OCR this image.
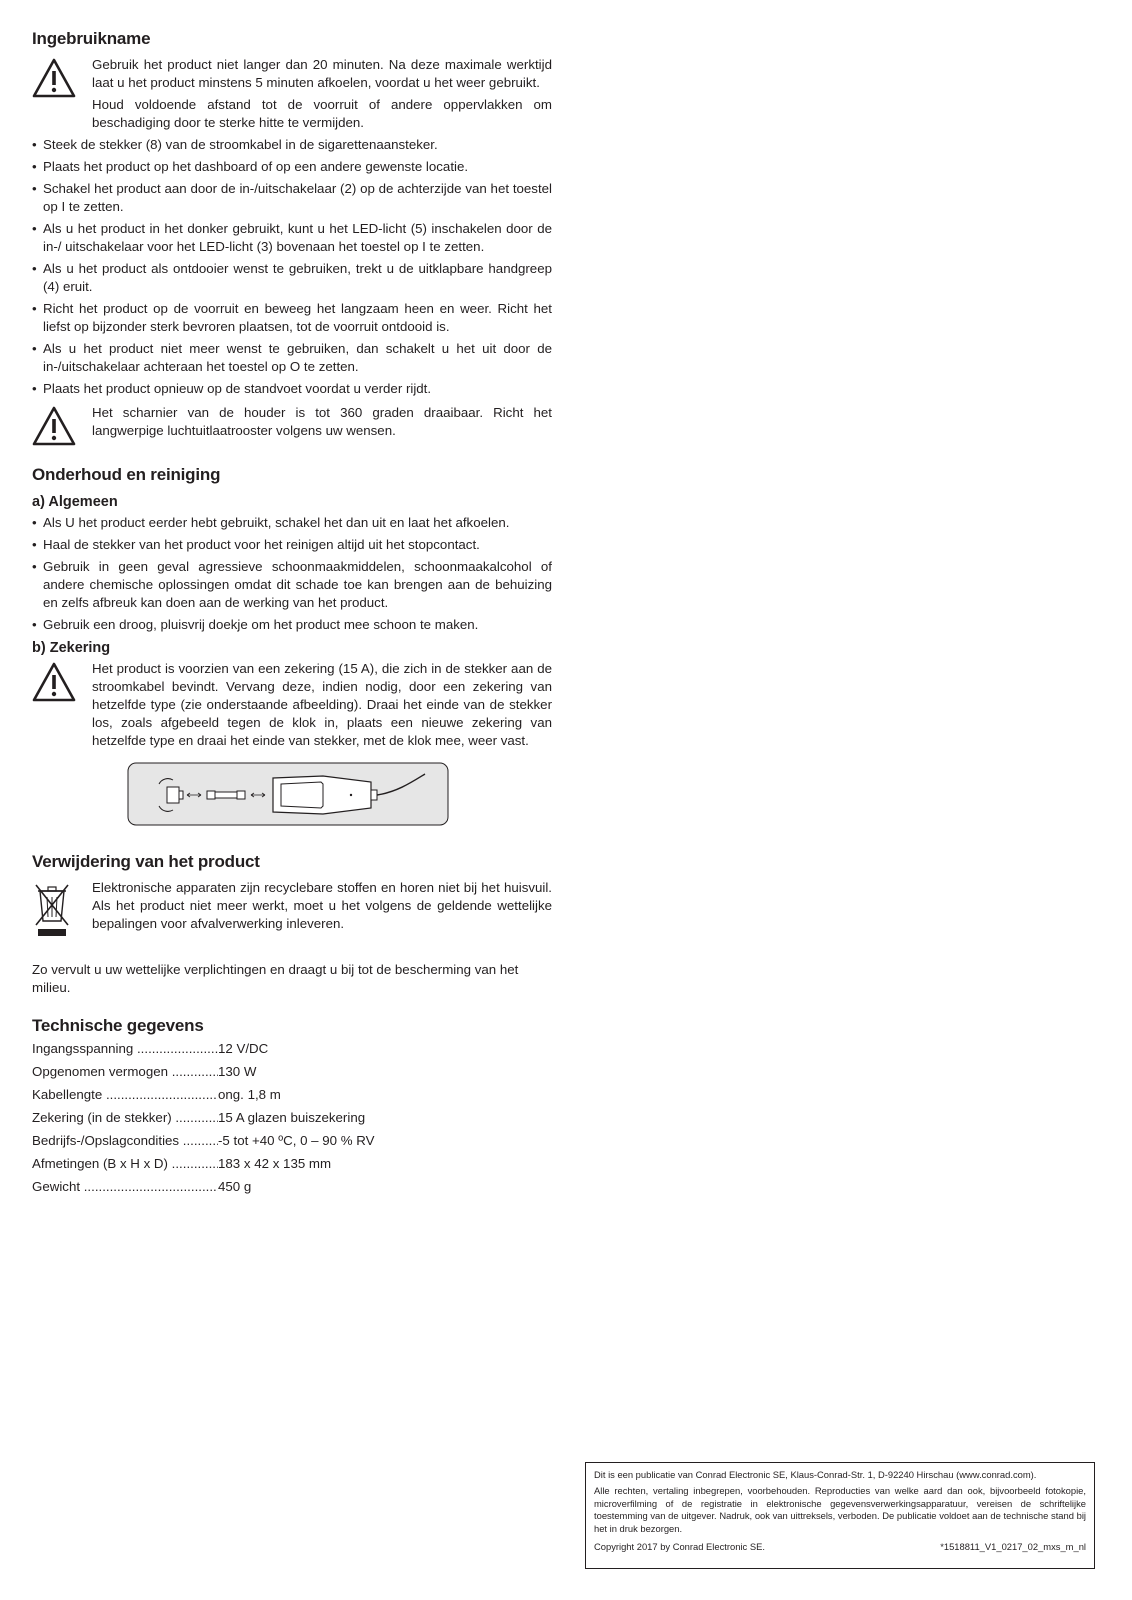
Ingebruikname

Gebruik het product niet langer dan 20 minuten. Na deze maximale werktijd laat u het product minstens 5 minuten afkoelen, voordat u het weer gebruikt.

Houd voldoende afstand tot de voorruit of andere oppervlakken om beschadiging door te sterke hitte te vermijden.

• Steek de stekker (8) van de stroomkabel in de sigarettenaansteker.
• Plaats het product op het dashboard of op een andere gewenste locatie.
• Schakel het product aan door de in-/uitschakelaar (2) op de achterzijde van het toestel op I te zetten.
• Als u het product in het donker gebruikt, kunt u het LED-licht (5) inschakelen door de in-/ uitschakelaar voor het LED-licht (3) bovenaan het toestel op I te zetten.
• Als u het product als ontdooier wenst te gebruiken, trekt u de uitklapbare handgreep (4) eruit.
• Richt het product op de voorruit en beweeg het langzaam heen en weer. Richt het liefst op bijzonder sterk bevroren plaatsen, tot de voorruit ontdooid is.
• Als u het product niet meer wenst te gebruiken, dan schakelt u het uit door de in-/uitschakelaar achteraan het toestel op O te zetten.
• Plaats het product opnieuw op de standvoet voordat u verder rijdt.

Het scharnier van de houder is tot 360 graden draaibaar. Richt het langwerpige luchtuitlaatrooster volgens uw wensen.

Onderhoud en reiniging
a) Algemeen
• Als U het product eerder hebt gebruikt, schakel het dan uit en laat het afkoelen.
• Haal de stekker van het product voor het reinigen altijd uit het stopcontact.
• Gebruik in geen geval agressieve schoonmaakmiddelen, schoonmaakalcohol of andere chemische oplossingen omdat dit schade toe kan brengen aan de behuizing en zelfs afbreuk kan doen aan de werking van het product.
• Gebruik een droog, pluisvrij doekje om het product mee schoon te maken.
b) Zekering

Het product is voorzien van een zekering (15 A), die zich in de stekker aan de stroomkabel bevindt. Vervang deze, indien nodig, door een zekering van hetzelfde type (zie onderstaande afbeelding). Draai het einde van de stekker los, zoals afgebeeld tegen de klok in, plaats een nieuwe zekering van hetzelfde type en draai het einde van stekker, met de klok mee, weer vast.

Verwijdering van het product

Elektronische apparaten zijn recyclebare stoffen en horen niet bij het huisvuil. Als het product niet meer werkt, moet u het volgens de geldende wettelijke bepalingen voor afvalverwerking inleveren.

Zo vervult u uw wettelijke verplichtingen en draagt u bij tot de bescherming van het milieu.

Technische gegevens
Ingangsspanning .....	12 V/DC
Opgenomen vermogen .....	130 W
Kabellengte .....	ong. 1,8 m
Zekering (in de stekker) .....	15 A glazen buiszekering
Bedrijfs-/Opslagcondities .....	-5 tot +40 ºC, 0 – 90 % RV
Afmetingen (B x H x D) .....	183 x 42 x 135 mm
Gewicht .....	450 g

Dit is een publicatie van Conrad Electronic SE, Klaus-Conrad-Str. 1, D-92240 Hirschau (www.conrad.com).

Alle rechten, vertaling inbegrepen, voorbehouden. Reproducties van welke aard dan ook, bijvoorbeeld fotokopie, microverfilming of de registratie in elektronische gegevensverwerkingsapparatuur, vereisen de schriftelijke toestemming van de uitgever. Nadruk, ook van uittreksels, verboden. De publicatie voldoet aan de technische stand bij het in druk bezorgen.

Copyright 2017 by Conrad Electronic SE.	*1518811_V1_0217_02_mxs_m_nl
